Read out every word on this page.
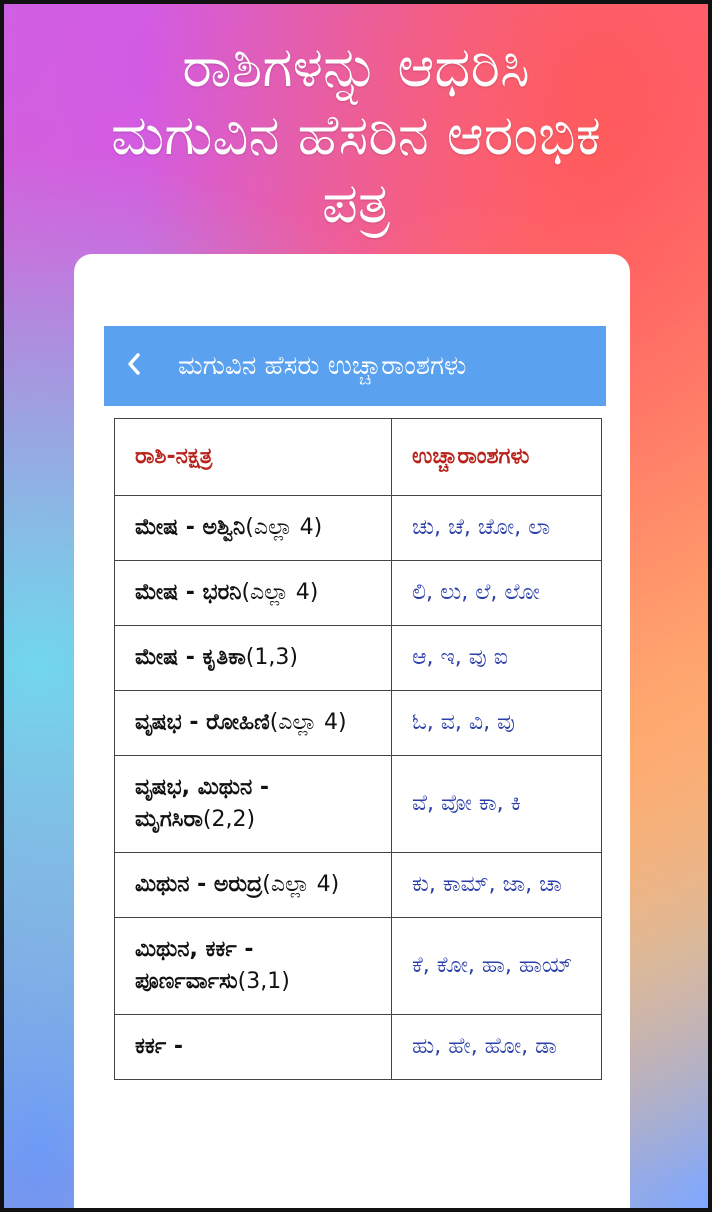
ರಾಶಿಗಳನ್ನು ಆಧರಿಸಿ
ಮಗುವಿನ ಹೆಸರಿನ ಆರಂಭಿಕ
ಪತ್ರ
ಮಗುವಿನ ಹೆಸರು ಉಚ್ಚಾರಾಂಶಗಳು
ರಾಶಿ-ನಕ್ಷತ್ರ	ಉಚ್ಚಾರಾಂಶಗಳು
ಮೇಷ - ಅಶ್ವಿನಿ(ಎಲ್ಲಾ 4)	ಚು, ಚೆ, ಚೋ, ಲಾ
ಮೇಷ - ಭರನಿ(ಎಲ್ಲಾ 4)	ಲಿ, ಲು, ಲೆ, ಲೋ
ಮೇಷ - ಕೃತಿಕಾ(1,3)	ಆ, ಇ, ವು ಐ
ವೃಷಭ - ರೋಹಿಣಿ(ಎಲ್ಲಾ 4)	ಓ, ವ, ವಿ, ವು
ವೃಷಭ, ಮಿಥುನ - ಮೃಗಸಿರಾ(2,2)	ವೆ, ವೋ ಕಾ, ಕಿ
ಮಿಥುನ - ಅರುದ್ರ(ಎಲ್ಲಾ 4)	ಕು, ಕಾಮ್, ಜಾ, ಚಾ
ಮಿಥುನ, ಕರ್ಕ - ಪೂರ್ಣರ್ವಾಸು(3,1)	ಕೆ, ಕೋ, ಹಾ, ಹಾಯ್
ಕರ್ಕ -	ಹು, ಹೇ, ಹೋ, ಡಾ
